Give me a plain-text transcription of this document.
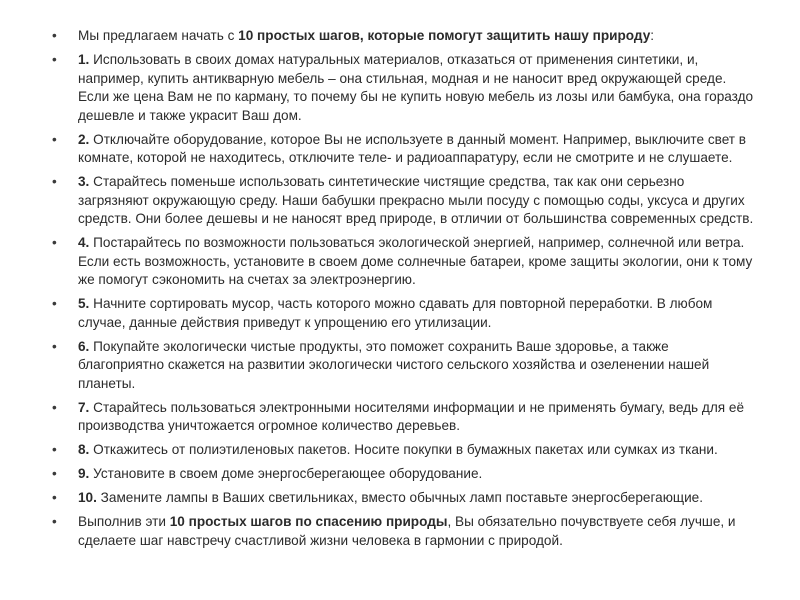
•	Мы предлагаем начать с 10 простых шагов, которые помогут защитить нашу природу:
•	1. Использовать в своих домах натуральных материалов, отказаться от применения синтетики, и, например, купить антикварную мебель – она стильная, модная и не наносит вред окружающей среде. Если же цена Вам не по карману, то почему бы не купить новую мебель из лозы или бамбука, она гораздо дешевле и также украсит Ваш дом.
•	2. Отключайте оборудование, которое Вы не используете в данный момент. Например, выключите свет в комнате, которой не находитесь, отключите теле- и радиоаппаратуру, если не смотрите и не слушаете.
•	3. Старайтесь поменьше использовать синтетические чистящие средства, так как они серьезно загрязняют окружающую среду. Наши бабушки прекрасно мыли посуду с помощью соды, уксуса и других средств. Они более дешевы и не наносят вред природе, в отличии от большинства современных средств.
•	4. Постарайтесь по возможности пользоваться экологической энергией, например, солнечной или ветра. Если есть возможность, установите в своем доме солнечные батареи, кроме защиты экологии, они к тому же помогут сэкономить на счетах за электроэнергию.
•	5. Начните сортировать мусор, часть которого можно сдавать для повторной переработки. В любом случае, данные действия приведут к упрощению его утилизации.
•	6. Покупайте экологически чистые продукты, это поможет сохранить Ваше здоровье, а также благоприятно скажется на развитии экологически чистого сельского хозяйства и озеленении нашей планеты.
•	7. Старайтесь пользоваться электронными носителями информации и не применять бумагу, ведь для её производства уничтожается огромное количество деревьев.
•	8. Откажитесь от полиэтиленовых пакетов. Носите покупки в бумажных пакетах или сумках из ткани.
•	9. Установите в своем доме энергосберегающее оборудование.
•	10. Замените лампы в Ваших светильниках, вместо обычных ламп поставьте энергосберегающие.
•	Выполнив эти 10 простых шагов по спасению природы, Вы обязательно почувствуете себя лучше, и сделаете шаг навстречу счастливой жизни человека в гармонии с природой.
